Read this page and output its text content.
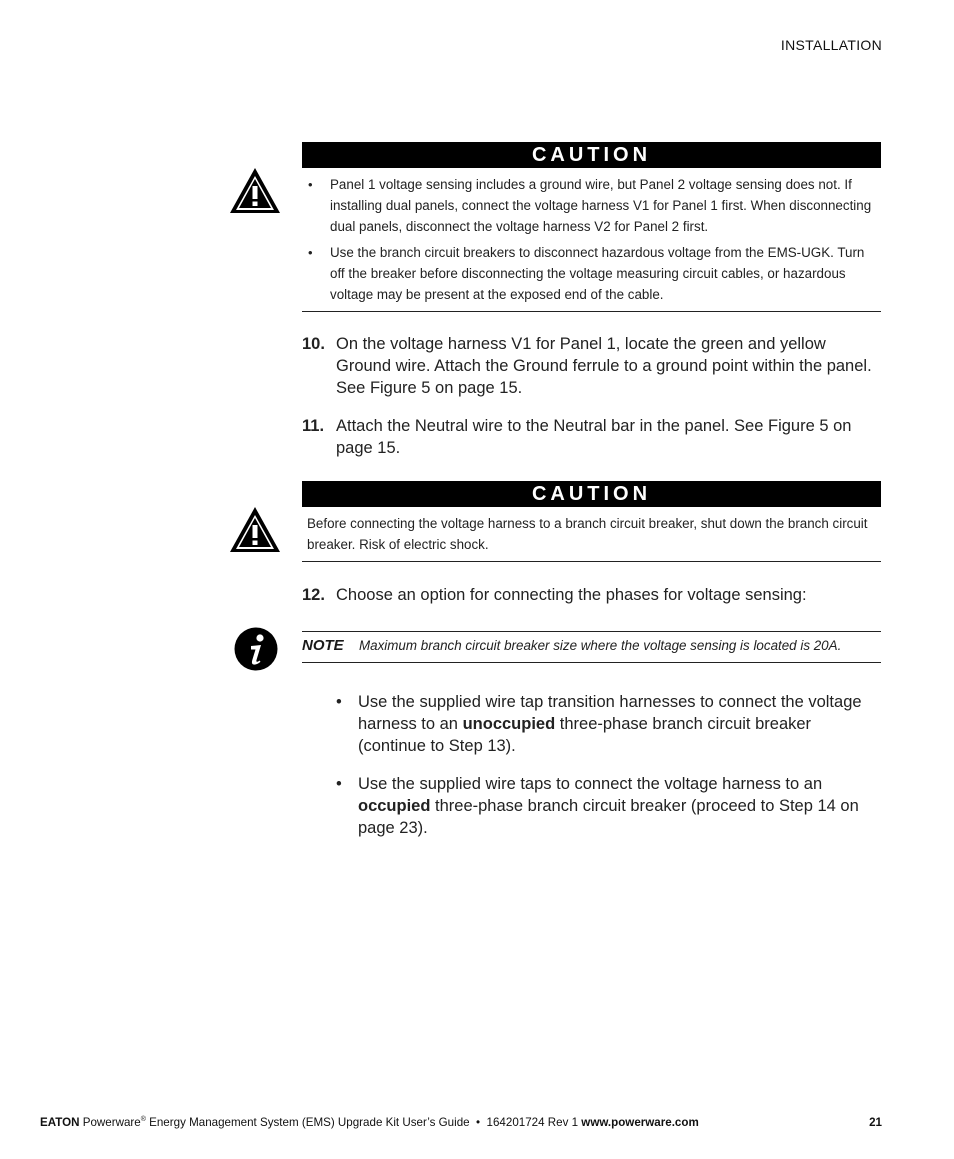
INSTALLATION
CAUTION
• Panel 1 voltage sensing includes a ground wire, but Panel 2 voltage sensing does not. If installing dual panels, connect the voltage harness V1 for Panel 1 first. When disconnecting dual panels, disconnect the voltage harness V2 for Panel 2 first.
• Use the branch circuit breakers to disconnect hazardous voltage from the EMS-UGK. Turn off the breaker before disconnecting the voltage measuring circuit cables, or hazardous voltage may be present at the exposed end of the cable.
10. On the voltage harness V1 for Panel 1, locate the green and yellow Ground wire. Attach the Ground ferrule to a ground point within the panel. See Figure 5 on page 15.
11. Attach the Neutral wire to the Neutral bar in the panel. See Figure 5 on page 15.
CAUTION
Before connecting the voltage harness to a branch circuit breaker, shut down the branch circuit breaker. Risk of electric shock.
12. Choose an option for connecting the phases for voltage sensing:
NOTE Maximum branch circuit breaker size where the voltage sensing is located is 20A.
• Use the supplied wire tap transition harnesses to connect the voltage harness to an unoccupied three-phase branch circuit breaker (continue to Step 13).
• Use the supplied wire taps to connect the voltage harness to an occupied three-phase branch circuit breaker (proceed to Step 14 on page 23).
EATON Powerware® Energy Management System (EMS) Upgrade Kit User’s Guide  •  164201724 Rev 1 www.powerware.com	21
